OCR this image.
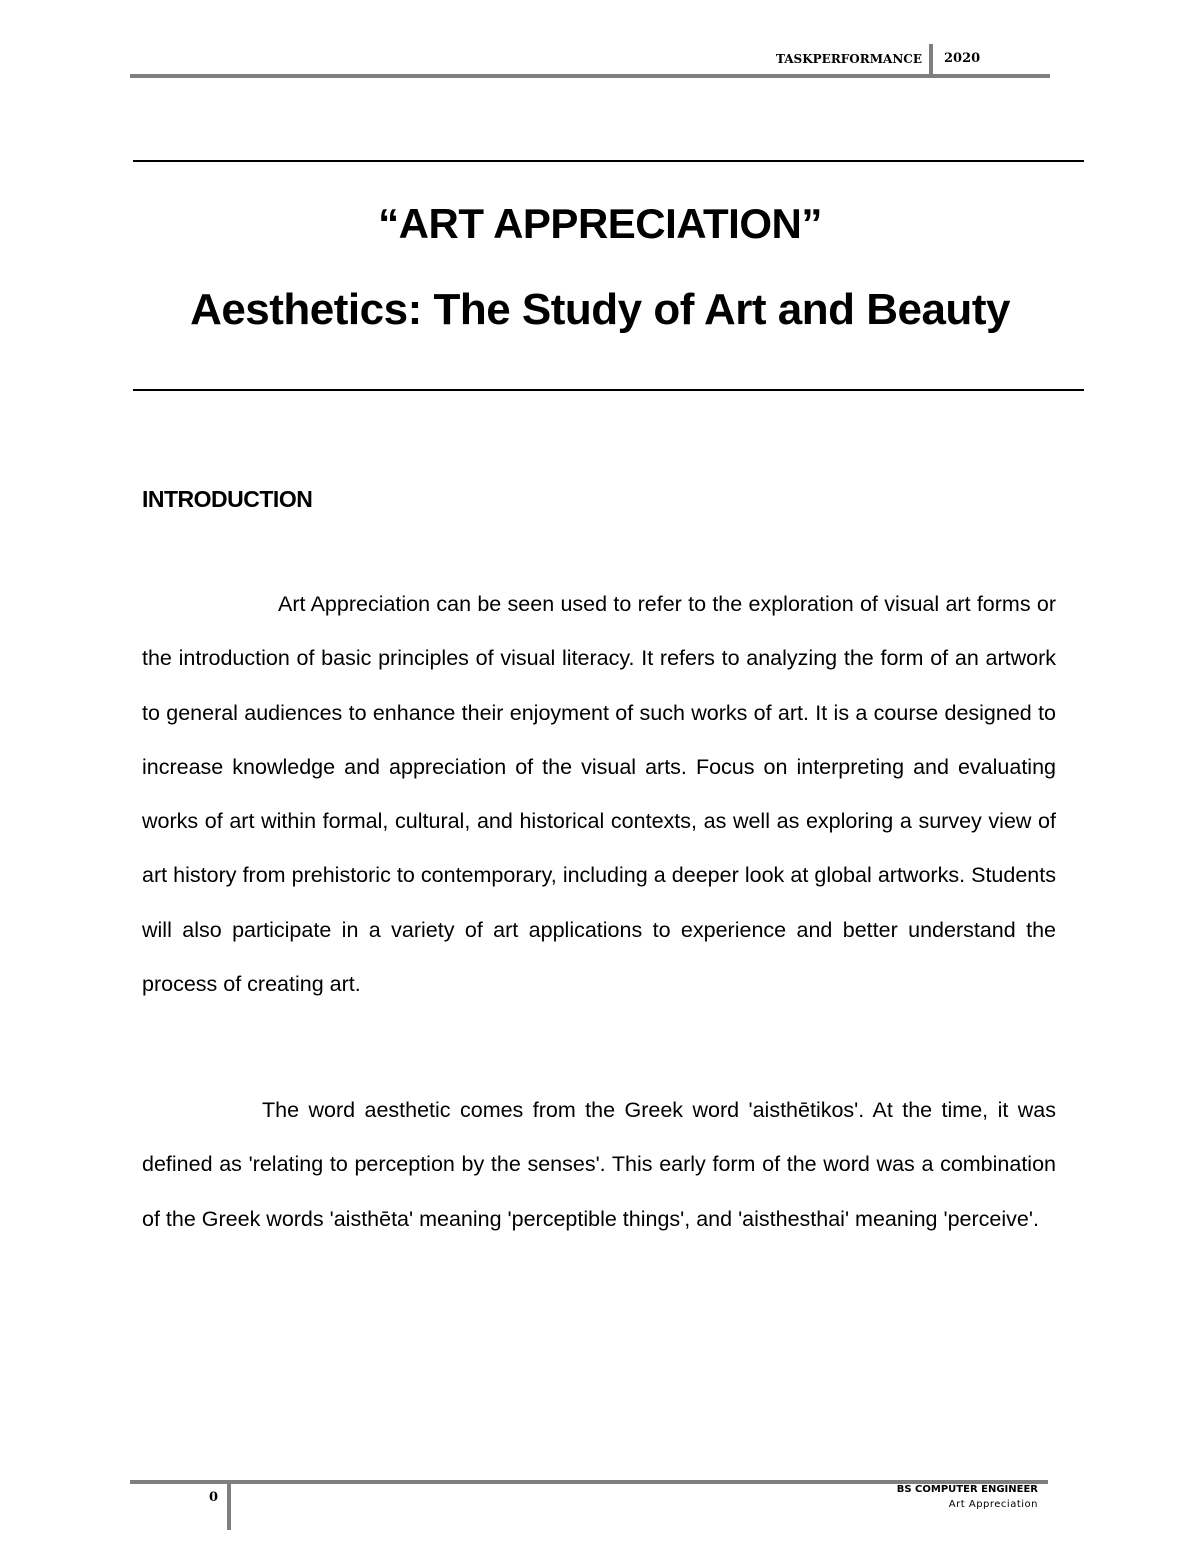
TASKPERFORMANCE 2020
“ART APPRECIATION”
Aesthetics: The Study of Art and Beauty
INTRODUCTION

Art Appreciation can be seen used to refer to the exploration of visual art forms or the introduction of basic principles of visual literacy. It refers to analyzing the form of an artwork to general audiences to enhance their enjoyment of such works of art. It is a course designed to increase knowledge and appreciation of the visual arts. Focus on interpreting and evaluating works of art within formal, cultural, and historical contexts, as well as exploring a survey view of art history from prehistoric to contemporary, including a deeper look at global artworks. Students will also participate in a variety of art applications to experience and better understand the process of creating art.

The word aesthetic comes from the Greek word 'aisthētikos'. At the time, it was defined as 'relating to perception by the senses'. This early form of the word was a combination of the Greek words 'aisthēta' meaning 'perceptible things', and 'aisthesthai' meaning 'perceive'.

0
BS COMPUTER ENGINEER
Art Appreciation
